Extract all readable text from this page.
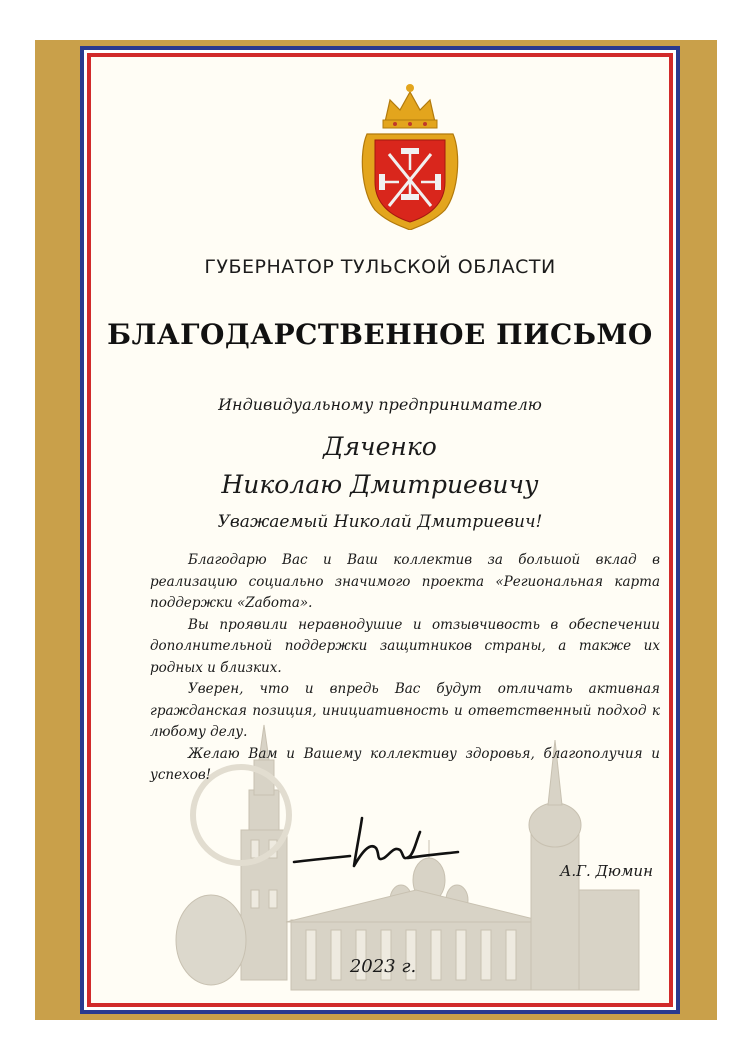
ГУБЕРНАТОР ТУЛЬСКОЙ ОБЛАСТИ
БЛАГОДАРСТВЕННОЕ ПИСЬМО
Индивидуальному предпринимателю
Дяченко
Николаю Дмитриевичу
Уважаемый Николай Дмитриевич!

Благодарю Вас и Ваш коллектив за большой вклад в реализацию социально значимого проекта «Региональная карта поддержки «Zабота».

Вы проявили неравнодушие и отзывчивость в обеспечении дополнительной поддержки защитников страны, а также их родных и близких.

Уверен, что и впредь Вас будут отличать активная гражданская позиция, инициативность и ответственный подход к любому делу.

Желаю Вам и Вашему коллективу здоровья, благополучия и успехов!

А.Г. Дюмин
2023 г.
